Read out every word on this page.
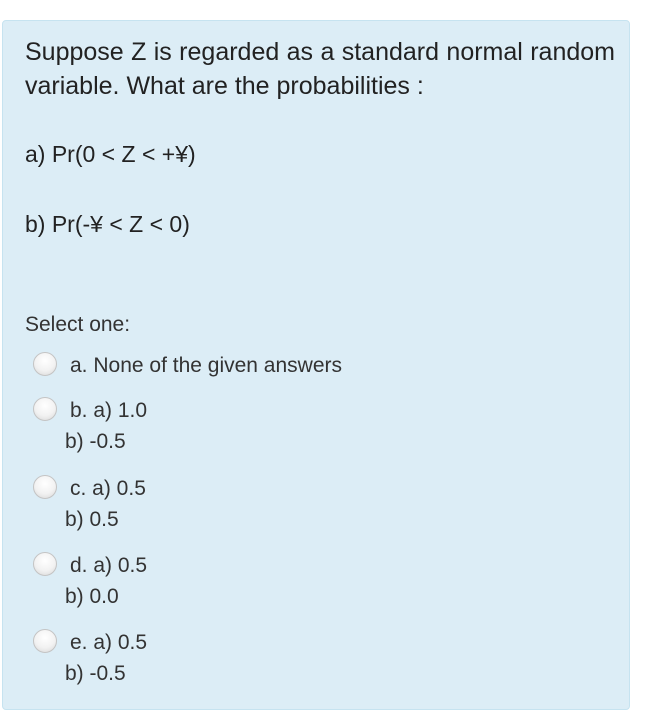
Suppose Z is regarded as a standard normal random variable. What are the probabilities :
a) Pr(0 < Z < +¥)
b) Pr(-¥ < Z < 0)
Select one:
a. None of the given answers
b. a) 1.0
b) -0.5
c. a) 0.5
b) 0.5
d. a) 0.5
b) 0.0
e. a) 0.5
b) -0.5
